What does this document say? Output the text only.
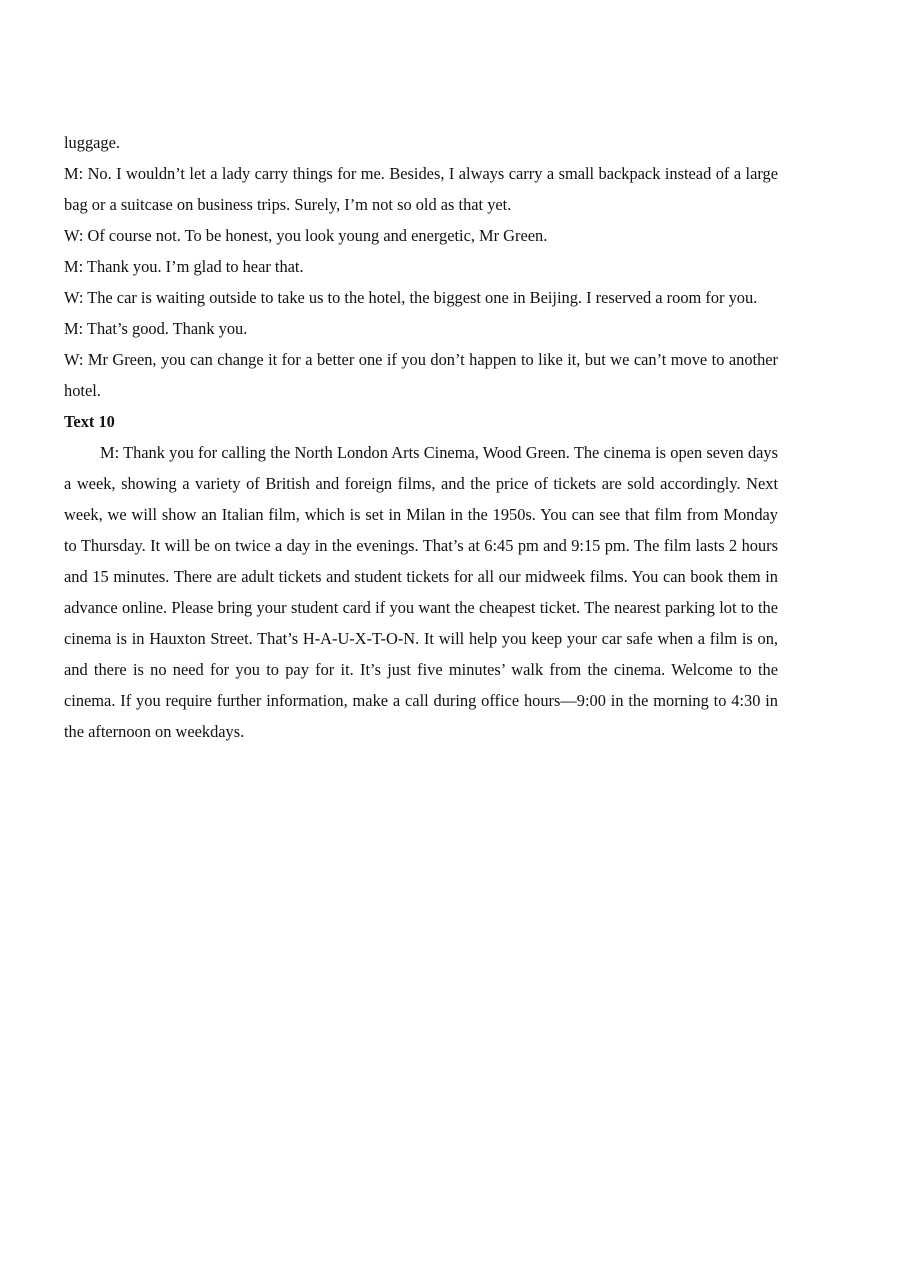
luggage.

M: No. I wouldn’t let a lady carry things for me. Besides, I always carry a small backpack instead of a large bag or a suitcase on business trips. Surely, I’m not so old as that yet.

W: Of course not. To be honest, you look young and energetic, Mr Green.

M: Thank you. I’m glad to hear that.

W: The car is waiting outside to take us to the hotel, the biggest one in Beijing. I reserved a room for you.

M: That’s good. Thank you.

W: Mr Green, you can change it for a better one if you don’t happen to like it, but we can’t move to another hotel.

Text 10

M: Thank you for calling the North London Arts Cinema, Wood Green. The cinema is open seven days a week, showing a variety of British and foreign films, and the price of tickets are sold accordingly. Next week, we will show an Italian film, which is set in Milan in the 1950s. You can see that film from Monday to Thursday. It will be on twice a day in the evenings. That’s at 6:45 pm and 9:15 pm. The film lasts 2 hours and 15 minutes. There are adult tickets and student tickets for all our midweek films. You can book them in advance online. Please bring your student card if you want the cheapest ticket. The nearest parking lot to the cinema is in Hauxton Street. That’s H-A-U-X-T-O-N. It will help you keep your car safe when a film is on, and there is no need for you to pay for it. It’s just five minutes’ walk from the cinema. Welcome to the cinema. If you require further information, make a call during office hours—9:00 in the morning to 4:30 in the afternoon on weekdays.
